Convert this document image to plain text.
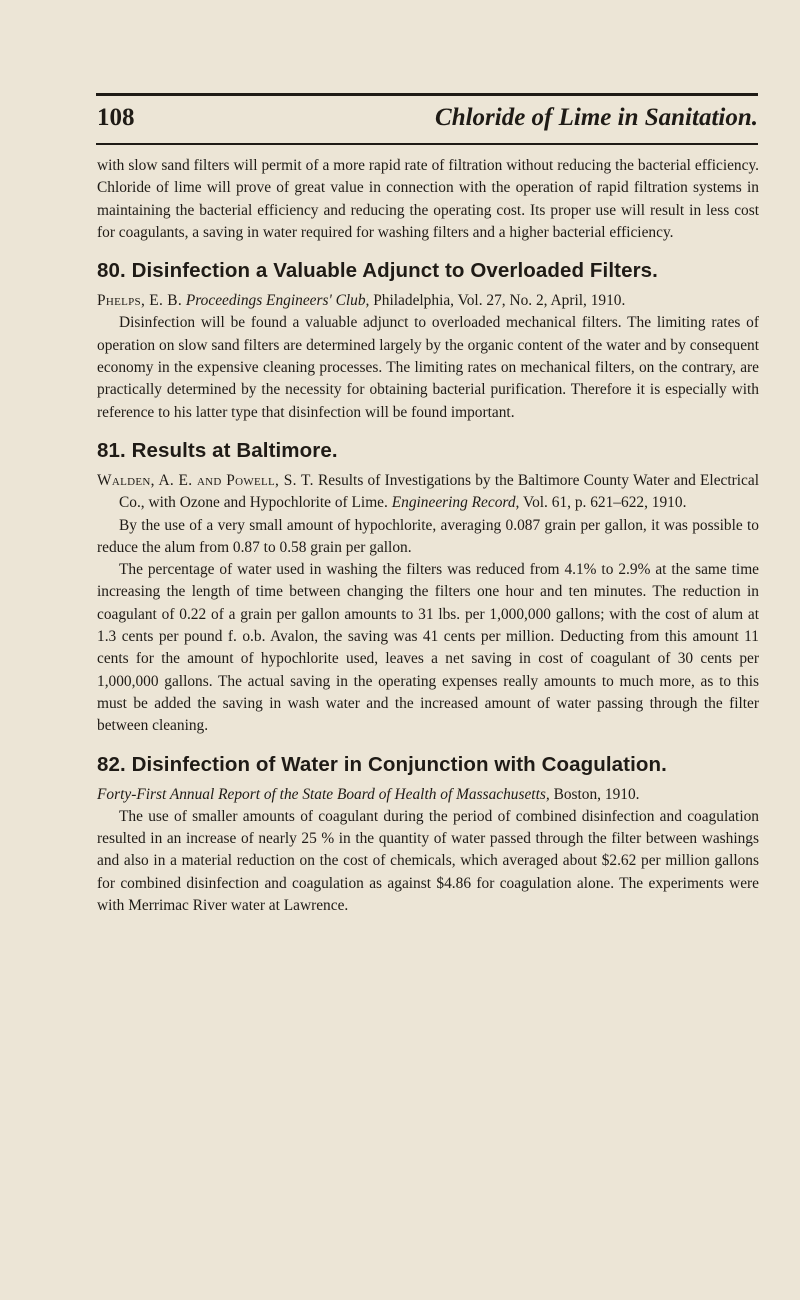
108	Chloride of Lime in Sanitation.

with slow sand filters will permit of a more rapid rate of filtration without reducing the bacterial efficiency. Chloride of lime will prove of great value in connection with the operation of rapid filtration systems in maintaining the bacterial efficiency and reducing the operating cost. Its proper use will result in less cost for coagulants, a saving in water required for washing filters and a higher bacterial efficiency.

80. Disinfection a Valuable Adjunct to Overloaded Filters.

Phelps, E. B. Proceedings Engineers' Club, Philadelphia, Vol. 27, No. 2, April, 1910.

Disinfection will be found a valuable adjunct to overloaded mechanical filters. The limiting rates of operation on slow sand filters are determined largely by the organic content of the water and by consequent economy in the expensive cleaning processes. The limiting rates on mechanical filters, on the contrary, are practically determined by the necessity for obtaining bacterial purification. Therefore it is especially with reference to his latter type that disinfection will be found important.

81. Results at Baltimore.

Walden, A. E. and Powell, S. T. Results of Investigations by the Baltimore County Water and Electrical Co., with Ozone and Hypochlorite of Lime. Engineering Record, Vol. 61, p. 621–622, 1910.

By the use of a very small amount of hypochlorite, averaging 0.087 grain per gallon, it was possible to reduce the alum from 0.87 to 0.58 grain per gallon.

The percentage of water used in washing the filters was reduced from 4.1% to 2.9% at the same time increasing the length of time between changing the filters one hour and ten minutes. The reduction in coagulant of 0.22 of a grain per gallon amounts to 31 lbs. per 1,000,000 gallons; with the cost of alum at 1.3 cents per pound f. o.b. Avalon, the saving was 41 cents per million. Deducting from this amount 11 cents for the amount of hypochlorite used, leaves a net saving in cost of coagulant of 30 cents per 1,000,000 gallons. The actual saving in the operating expenses really amounts to much more, as to this must be added the saving in wash water and the increased amount of water passing through the filter between cleaning.

82. Disinfection of Water in Conjunction with Coagulation.

Forty-First Annual Report of the State Board of Health of Massachusetts, Boston, 1910.

The use of smaller amounts of coagulant during the period of combined disinfection and coagulation resulted in an increase of nearly 25 % in the quantity of water passed through the filter between washings and also in a material reduction on the cost of chemicals, which averaged about $2.62 per million gallons for combined disinfection and coagulation as against $4.86 for coagulation alone. The experiments were with Merrimac River water at Lawrence.
